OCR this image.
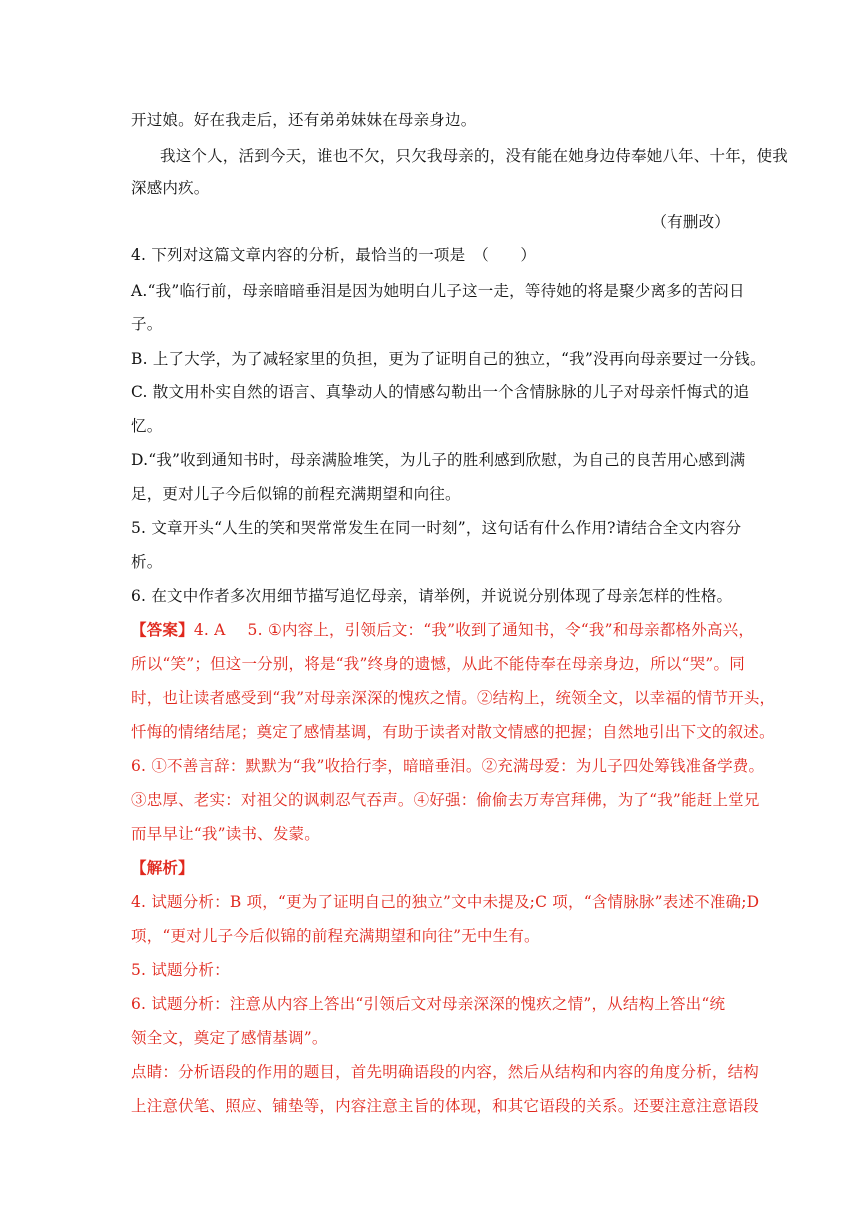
开过娘。好在我走后，还有弟弟妹妹在母亲身边。
我这个人，活到今天，谁也不欠，只欠我母亲的，没有能在她身边侍奉她八年、十年，使我
深感内疚。
（有删改）
4. 下列对这篇文章内容的分析，最恰当的一项是　（　　）
A.“我”临行前，母亲暗暗垂泪是因为她明白儿子这一走，等待她的将是聚少离多的苦闷日
子。
B. 上了大学，为了减轻家里的负担，更为了证明自己的独立，“我”没再向母亲要过一分钱。
C. 散文用朴实自然的语言、真挚动人的情感勾勒出一个含情脉脉的儿子对母亲忏悔式的追
忆。
D.“我”收到通知书时，母亲满脸堆笑，为儿子的胜利感到欣慰，为自己的良苦用心感到满
足，更对儿子今后似锦的前程充满期望和向往。
5. 文章开头“人生的笑和哭常常发生在同一时刻”，这句话有什么作用?请结合全文内容分
析。
6. 在文中作者多次用细节描写追忆母亲，请举例，并说说分别体现了母亲怎样的性格。
【答案】4. A 5. ①内容上，引领后文：“我”收到了通知书，令“我”和母亲都格外高兴，
所以“笑”；但这一分别，将是“我”终身的遗憾，从此不能侍奉在母亲身边，所以“哭”。同
时，也让读者感受到“我”对母亲深深的愧疚之情。②结构上，统领全文，以幸福的情节开头，
忏悔的情绪结尾；奠定了感情基调，有助于读者对散文情感的把握；自然地引出下文的叙述。
6. ①不善言辞：默默为“我”收拾行李，暗暗垂泪。②充满母爱：为儿子四处筹钱准备学费。
③忠厚、老实：对祖父的讽刺忍气吞声。④好强：偷偷去万寿宫拜佛，为了“我”能赶上堂兄
而早早让“我”读书、发蒙。
【解析】
4. 试题分析：B 项，“更为了证明自己的独立”文中未提及;C 项，“含情脉脉”表述不准确;D
项，“更对儿子今后似锦的前程充满期望和向往”无中生有。
5. 试题分析：
6. 试题分析：注意从内容上答出“引领后文对母亲深深的愧疚之情”，从结构上答出“统
领全文，奠定了感情基调”。
点睛：分析语段的作用的题目，首先明确语段的内容，然后从结构和内容的角度分析，结构
上注意伏笔、照应、铺垫等，内容注意主旨的体现，和其它语段的关系。还要注意注意语段
